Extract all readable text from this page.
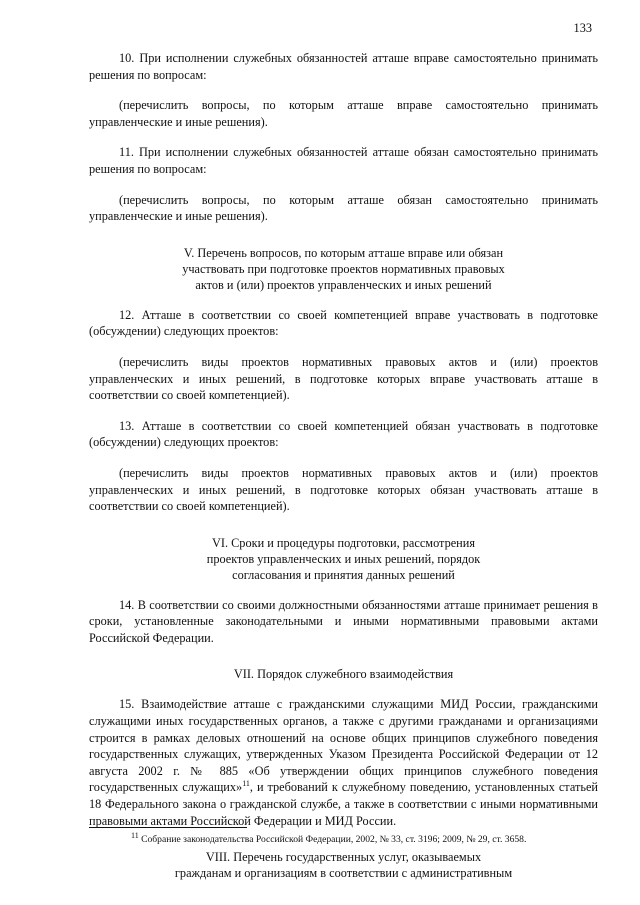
133

10. При исполнении служебных обязанностей атташе вправе самостоятельно принимать решения по вопросам:

(перечислить вопросы, по которым атташе вправе самостоятельно принимать управленческие и иные решения).

11. При исполнении служебных обязанностей атташе обязан самостоятельно принимать решения по вопросам:

(перечислить вопросы, по которым атташе обязан самостоятельно принимать управленческие и иные решения).

V. Перечень вопросов, по которым атташе вправе или обязан
участвовать при подготовке проектов нормативных правовых
актов и (или) проектов управленческих и иных решений

12. Атташе в соответствии со своей компетенцией вправе участвовать в подготовке (обсуждении) следующих проектов:

(перечислить виды проектов нормативных правовых актов и (или) проектов управленческих и иных решений, в подготовке которых вправе участвовать атташе в соответствии со своей компетенцией).

13. Атташе в соответствии со своей компетенцией обязан участвовать в подготовке (обсуждении) следующих проектов:

(перечислить виды проектов нормативных правовых актов и (или) проектов управленческих и иных решений, в подготовке которых обязан участвовать атташе в соответствии со своей компетенцией).

VI. Сроки и процедуры подготовки, рассмотрения
проектов управленческих и иных решений, порядок
согласования и принятия данных решений

14. В соответствии со своими должностными обязанностями атташе принимает решения в сроки, установленные законодательными и иными нормативными правовыми актами Российской Федерации.

VII. Порядок служебного взаимодействия

15. Взаимодействие атташе с гражданскими служащими МИД России, гражданскими служащими иных государственных органов, а также с другими гражданами и организациями строится в рамках деловых отношений на основе общих принципов служебного поведения государственных служащих, утвержденных Указом Президента Российской Федерации от 12 августа 2002 г. № 885 «Об утверждении общих принципов служебного поведения государственных служащих»$^{11}$, и требований к служебному поведению, установленных статьей 18 Федерального закона о гражданской службе, а также в соответствии с иными нормативными правовыми актами Российской Федерации и МИД России.

VIII. Перечень государственных услуг, оказываемых
гражданам и организациям в соответствии с административным
$^{11}$ Собрание законодательства Российской Федерации, 2002, № 33, ст. 3196; 2009, № 29, ст. 3658.
